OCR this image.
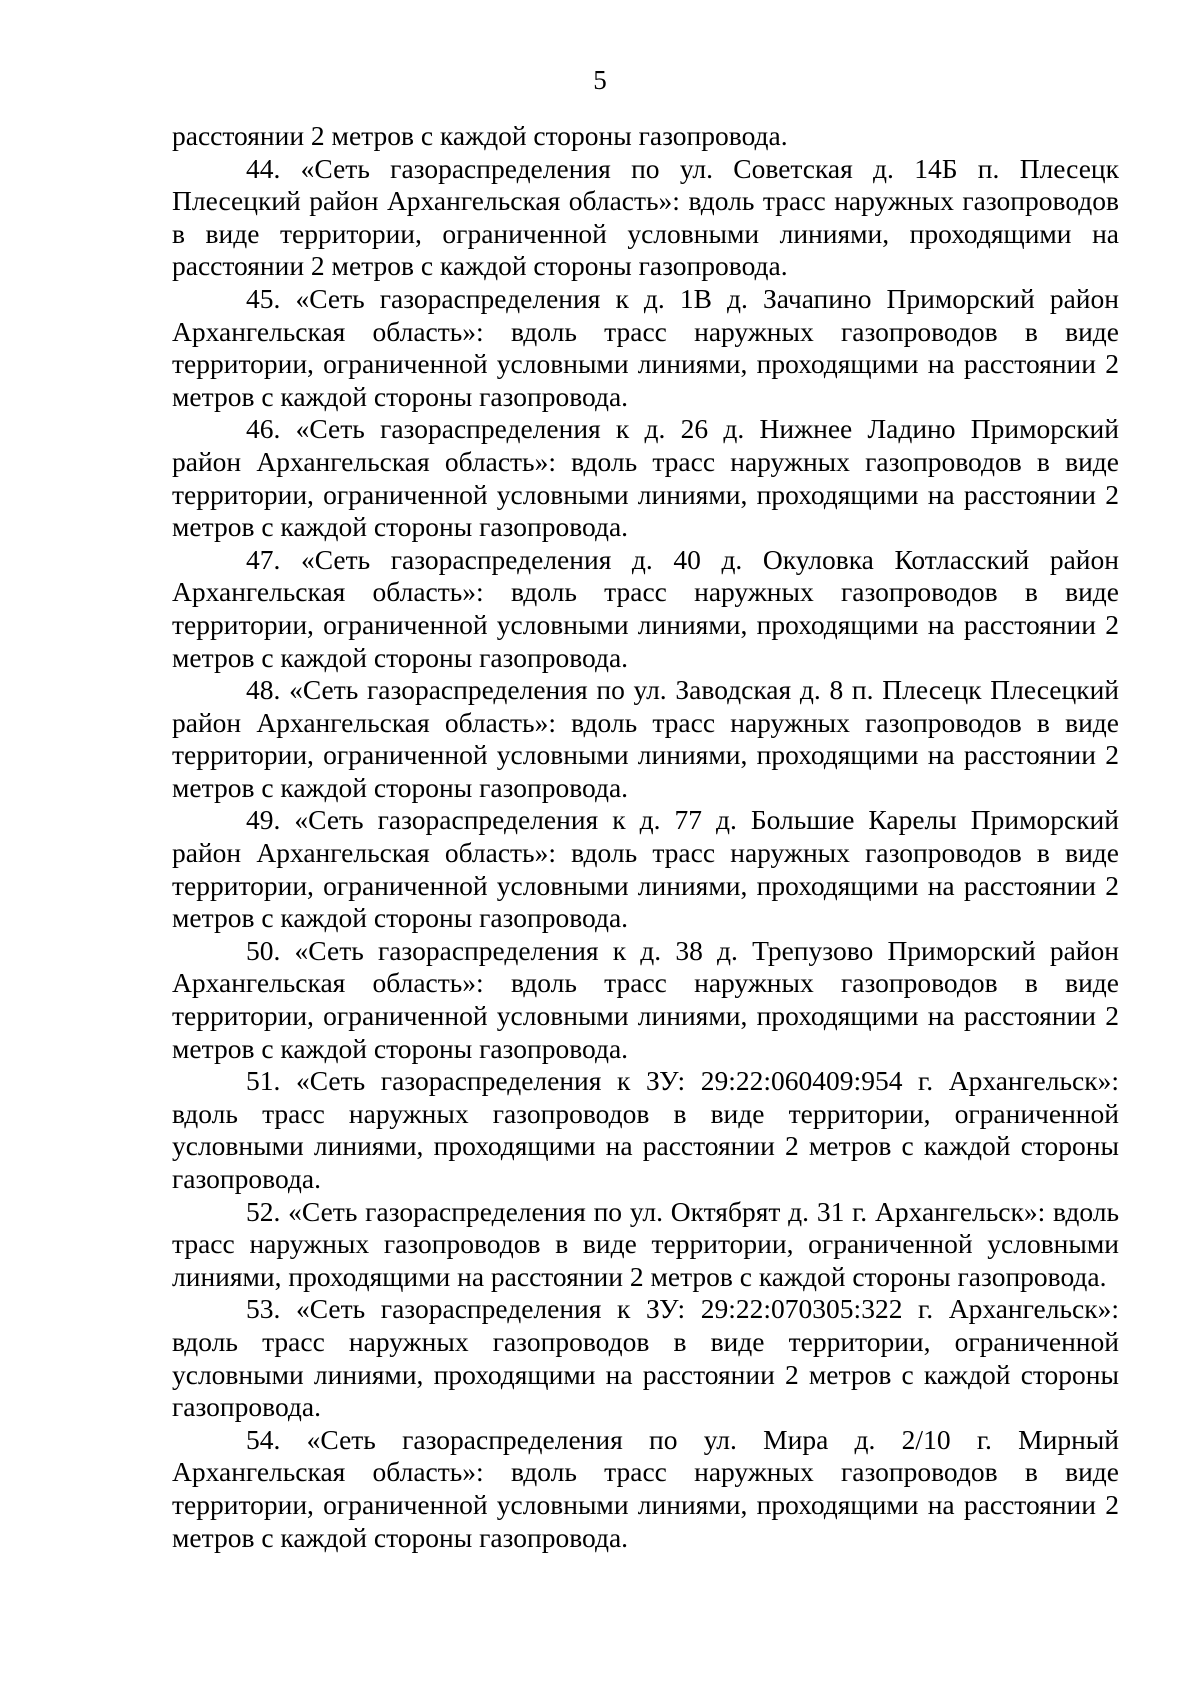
5

расстоянии 2 метров с каждой стороны газопровода.

44. «Сеть газораспределения по ул. Советская д. 14Б п. Плесецк Плесецкий район Архангельская область»: вдоль трасс наружных газопроводов в виде территории, ограниченной условными линиями, проходящими на расстоянии 2 метров с каждой стороны газопровода.

45. «Сеть газораспределения к д. 1В д. Зачапино Приморский район Архангельская область»: вдоль трасс наружных газопроводов в виде территории, ограниченной условными линиями, проходящими на расстоянии 2 метров с каждой стороны газопровода.

46. «Сеть газораспределения к д. 26 д. Нижнее Ладино Приморский район Архангельская область»: вдоль трасс наружных газопроводов в виде территории, ограниченной условными линиями, проходящими на расстоянии 2 метров с каждой стороны газопровода.

47. «Сеть газораспределения д. 40 д. Окуловка Котласский район Архангельская область»: вдоль трасс наружных газопроводов в виде территории, ограниченной условными линиями, проходящими на расстоянии 2 метров с каждой стороны газопровода.

48. «Сеть газораспределения по ул. Заводская д. 8 п. Плесецк Плесецкий район Архангельская область»: вдоль трасс наружных газопроводов в виде территории, ограниченной условными линиями, проходящими на расстоянии 2 метров с каждой стороны газопровода.

49. «Сеть газораспределения к д. 77 д. Большие Карелы Приморский район Архангельская область»: вдоль трасс наружных газопроводов в виде территории, ограниченной условными линиями, проходящими на расстоянии 2 метров с каждой стороны газопровода.

50. «Сеть газораспределения к д. 38 д. Трепузово Приморский район Архангельская область»: вдоль трасс наружных газопроводов в виде территории, ограниченной условными линиями, проходящими на расстоянии 2 метров с каждой стороны газопровода.

51. «Сеть газораспределения к ЗУ: 29:22:060409:954 г. Архангельск»: вдоль трасс наружных газопроводов в виде территории, ограниченной условными линиями, проходящими на расстоянии 2 метров с каждой стороны газопровода.

52. «Сеть газораспределения по ул. Октябрят д. 31 г. Архангельск»: вдоль трасс наружных газопроводов в виде территории, ограниченной условными линиями, проходящими на расстоянии 2 метров с каждой стороны газопровода.

53. «Сеть газораспределения к ЗУ: 29:22:070305:322 г. Архангельск»: вдоль трасс наружных газопроводов в виде территории, ограниченной условными линиями, проходящими на расстоянии 2 метров с каждой стороны газопровода.

54. «Сеть газораспределения по ул. Мира д. 2/10 г. Мирный Архангельская область»: вдоль трасс наружных газопроводов в виде территории, ограниченной условными линиями, проходящими на расстоянии 2 метров с каждой стороны газопровода.
